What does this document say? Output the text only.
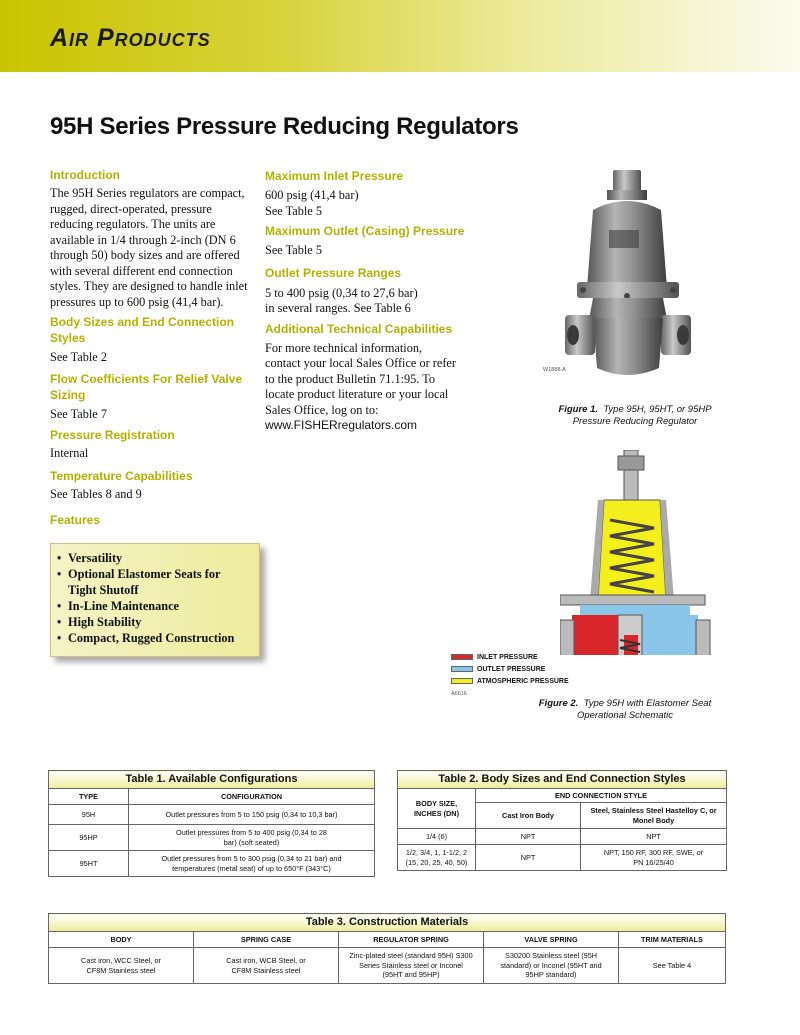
Air Products
95H Series Pressure Reducing Regulators
Introduction
The 95H Series regulators are compact, rugged, direct-operated, pressure reducing regulators. The units are available in 1/4 through 2-inch (DN 6 through 50) body sizes and are offered with several different end connection styles. They are designed to handle inlet pressures up to 600 psig (41,4 bar).
Body Sizes and End Connection Styles
See Table 2
Flow Coefficients For Relief Valve Sizing
See Table 7
Pressure Registration
Internal
Temperature Capabilities
See Tables 8 and 9
Features
• Versatility
• Optional Elastomer Seats for Tight Shutoff
• In-Line Maintenance
• High Stability
• Compact, Rugged Construction
Maximum Inlet Pressure
600 psig (41,4 bar)
See Table 5
Maximum Outlet (Casing) Pressure
See Table 5
Outlet Pressure Ranges
5 to 400 psig (0,34 to 27,6 bar)
in several ranges. See Table 6
Additional Technical Capabilities
For more technical information, contact your local Sales Office or refer to the product Bulletin 71.1:95. To locate product literature or your local Sales Office, log on to:
www.FISHERregulators.com
W1888-A
Figure 1. Type 95H, 95HT, or 95HP Pressure Reducing Regulator
INLET PRESSURE
OUTLET PRESSURE
ATMOSPHERIC PRESSURE
A6616
Figure 2. Type 95H with Elastomer Seat Operational Schematic
Table 1. Available Configurations	
TYPE	CONFIGURATION
95H	Outlet pressures from 5 to 150 psig (0,34 to 10,3 bar)
95HP	Outlet pressures from 5 to 400 psig (0,34 to 28 bar) (soft seated)
95HT	Outlet pressures from 5 to 300 psig (0,34 to 21 bar) and temperatures (metal seat) of up to 650°F (343°C)
Table 2. Body Sizes and End Connection Styles		
BODY SIZE, INCHES (DN)	END CONNECTION STYLE	
	Cast Iron Body	Steel, Stainless Steel Hastelloy C, or Monel Body
1/4 (6)	NPT	NPT
1/2, 3/4, 1, 1-1/2, 2 (15, 20, 25, 40, 50)	NPT	NPT, 150 RF, 300 RF, SWE, or PN 16/25/40
Table 3. Construction Materials				
BODY	SPRING CASE	REGULATOR SPRING	VALVE SPRING	TRIM MATERIALS
Cast iron, WCC Steel, or CF8M Stainless steel	Cast iron, WCB Steel, or CF8M Stainless steel	Zinc-plated steel (standard 95H) S300 Series Stainless steel or Inconel (95HT and 95HP)	S30200 Stainless steel (95H standard) or Inconel (95HT and 95HP standard)	See Table 4
